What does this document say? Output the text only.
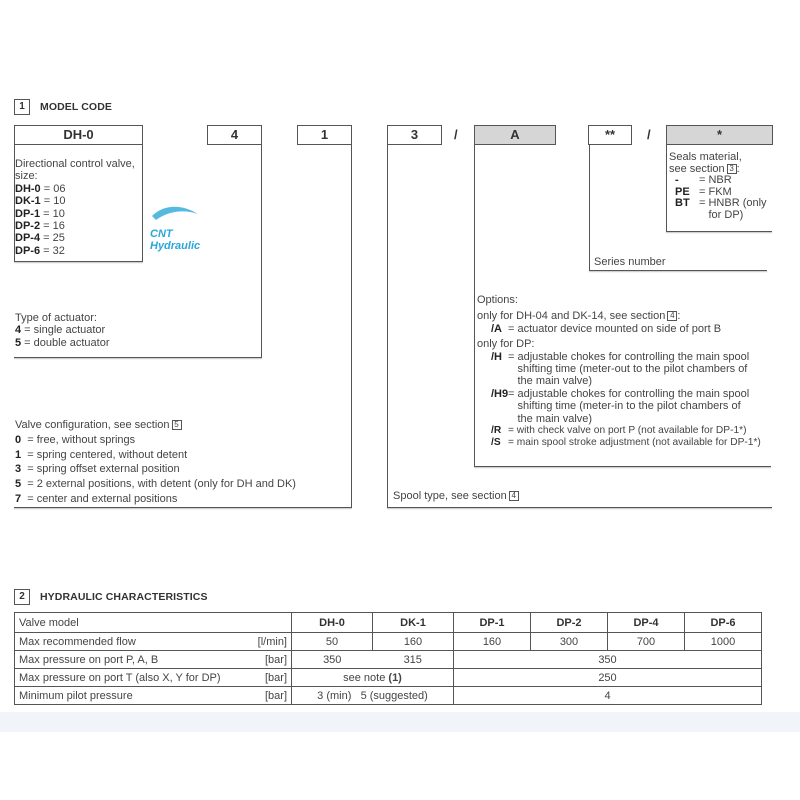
1	MODEL CODE
DH-0	4	1	3	/	A	**	/	*
Directional control valve,
size:
DH-0 = 06
DK-1 = 10
DP-1 = 10
DP-2 = 16
DP-4 = 25
DP-6 = 32
CNT Hydraulic
Type of actuator:
4 = single actuator
5 = double actuator
Valve configuration, see section 5
0  = free, without springs
1  = spring centered, without detent
3  = spring offset external position
5  = 2 external positions, with detent (only for DH and DK)
7  = center and external positions	Spool type, see section 4
Options:
only for DH-04 and DK-14, see section 4 :
/A = actuator device mounted on side of port B
only for DP:
/H = adjustable chokes for controlling the main spool
shifting time (meter-out to the pilot chambers of
the main valve)
/H9 = adjustable chokes for controlling the main spool
shifting time (meter-in to the pilot chambers of
the main valve)
/R = with check valve on port P (not available for DP-1*)
/S = main spool stroke adjustment (not available for DP-1*)
Series number
Seals material,
see section 3 :
-	= NBR
PE = FKM
BT = HNBR (only
for DP)
2	HYDRAULIC CHARACTERISTICS
Valve model	DH-0	DK-1	DP-1	DP-2	DP-4	DP-6
Max recommended flow [l/min]	50	160	160	300	700	1000
Max pressure on port P, A, B [bar]	350	315	350			
Max pressure on port T (also X, Y for DP) [bar]	see note (1)		250			
Minimum pilot pressure [bar]	3 (min)   5 (suggested)		4			
